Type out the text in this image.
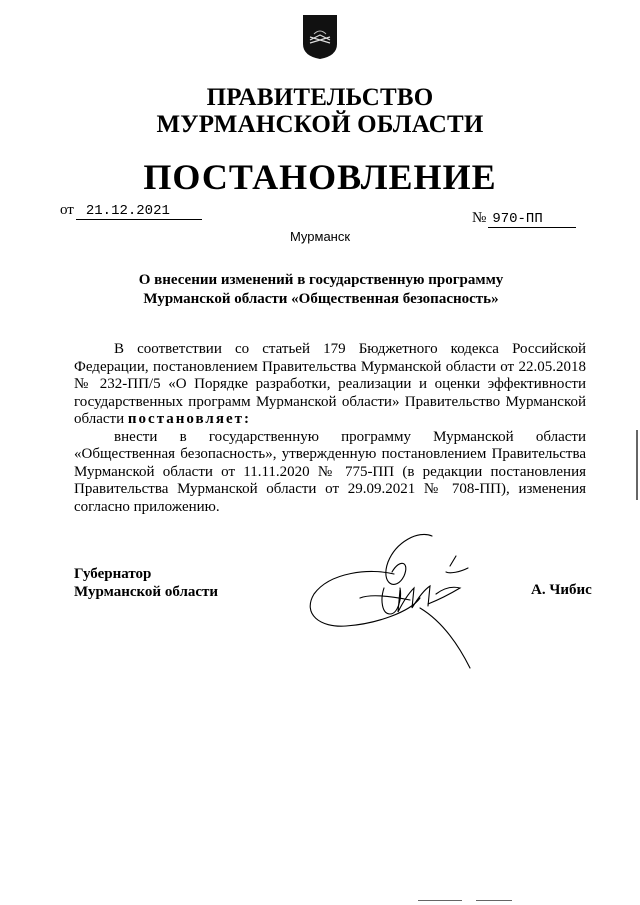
ПРАВИТЕЛЬСТВО
МУРМАНСКОЙ ОБЛАСТИ
ПОСТАНОВЛЕНИЕ
от 21.12.2021	№ 970-ПП
Мурманск
О внесении изменений в государственную программу
Мурманской области «Общественная безопасность»

В соответствии со статьей 179 Бюджетного кодекса Российской Федерации, постановлением Правительства Мурманской области от 22.05.2018 № 232-ПП/5 «О Порядке разработки, реализации и оценки эффективности государственных программ Мурманской области» Правительство Мурманской области постановляет:

внести в государственную программу Мурманской области «Общественная безопасность», утвержденную постановлением Правительства Мурманской области от 11.11.2020 № 775-ПП (в редакции постановления Правительства Мурманской области от 29.09.2021 № 708-ПП), изменения согласно приложению.

Губернатор
Мурманской области	А. Чибис
